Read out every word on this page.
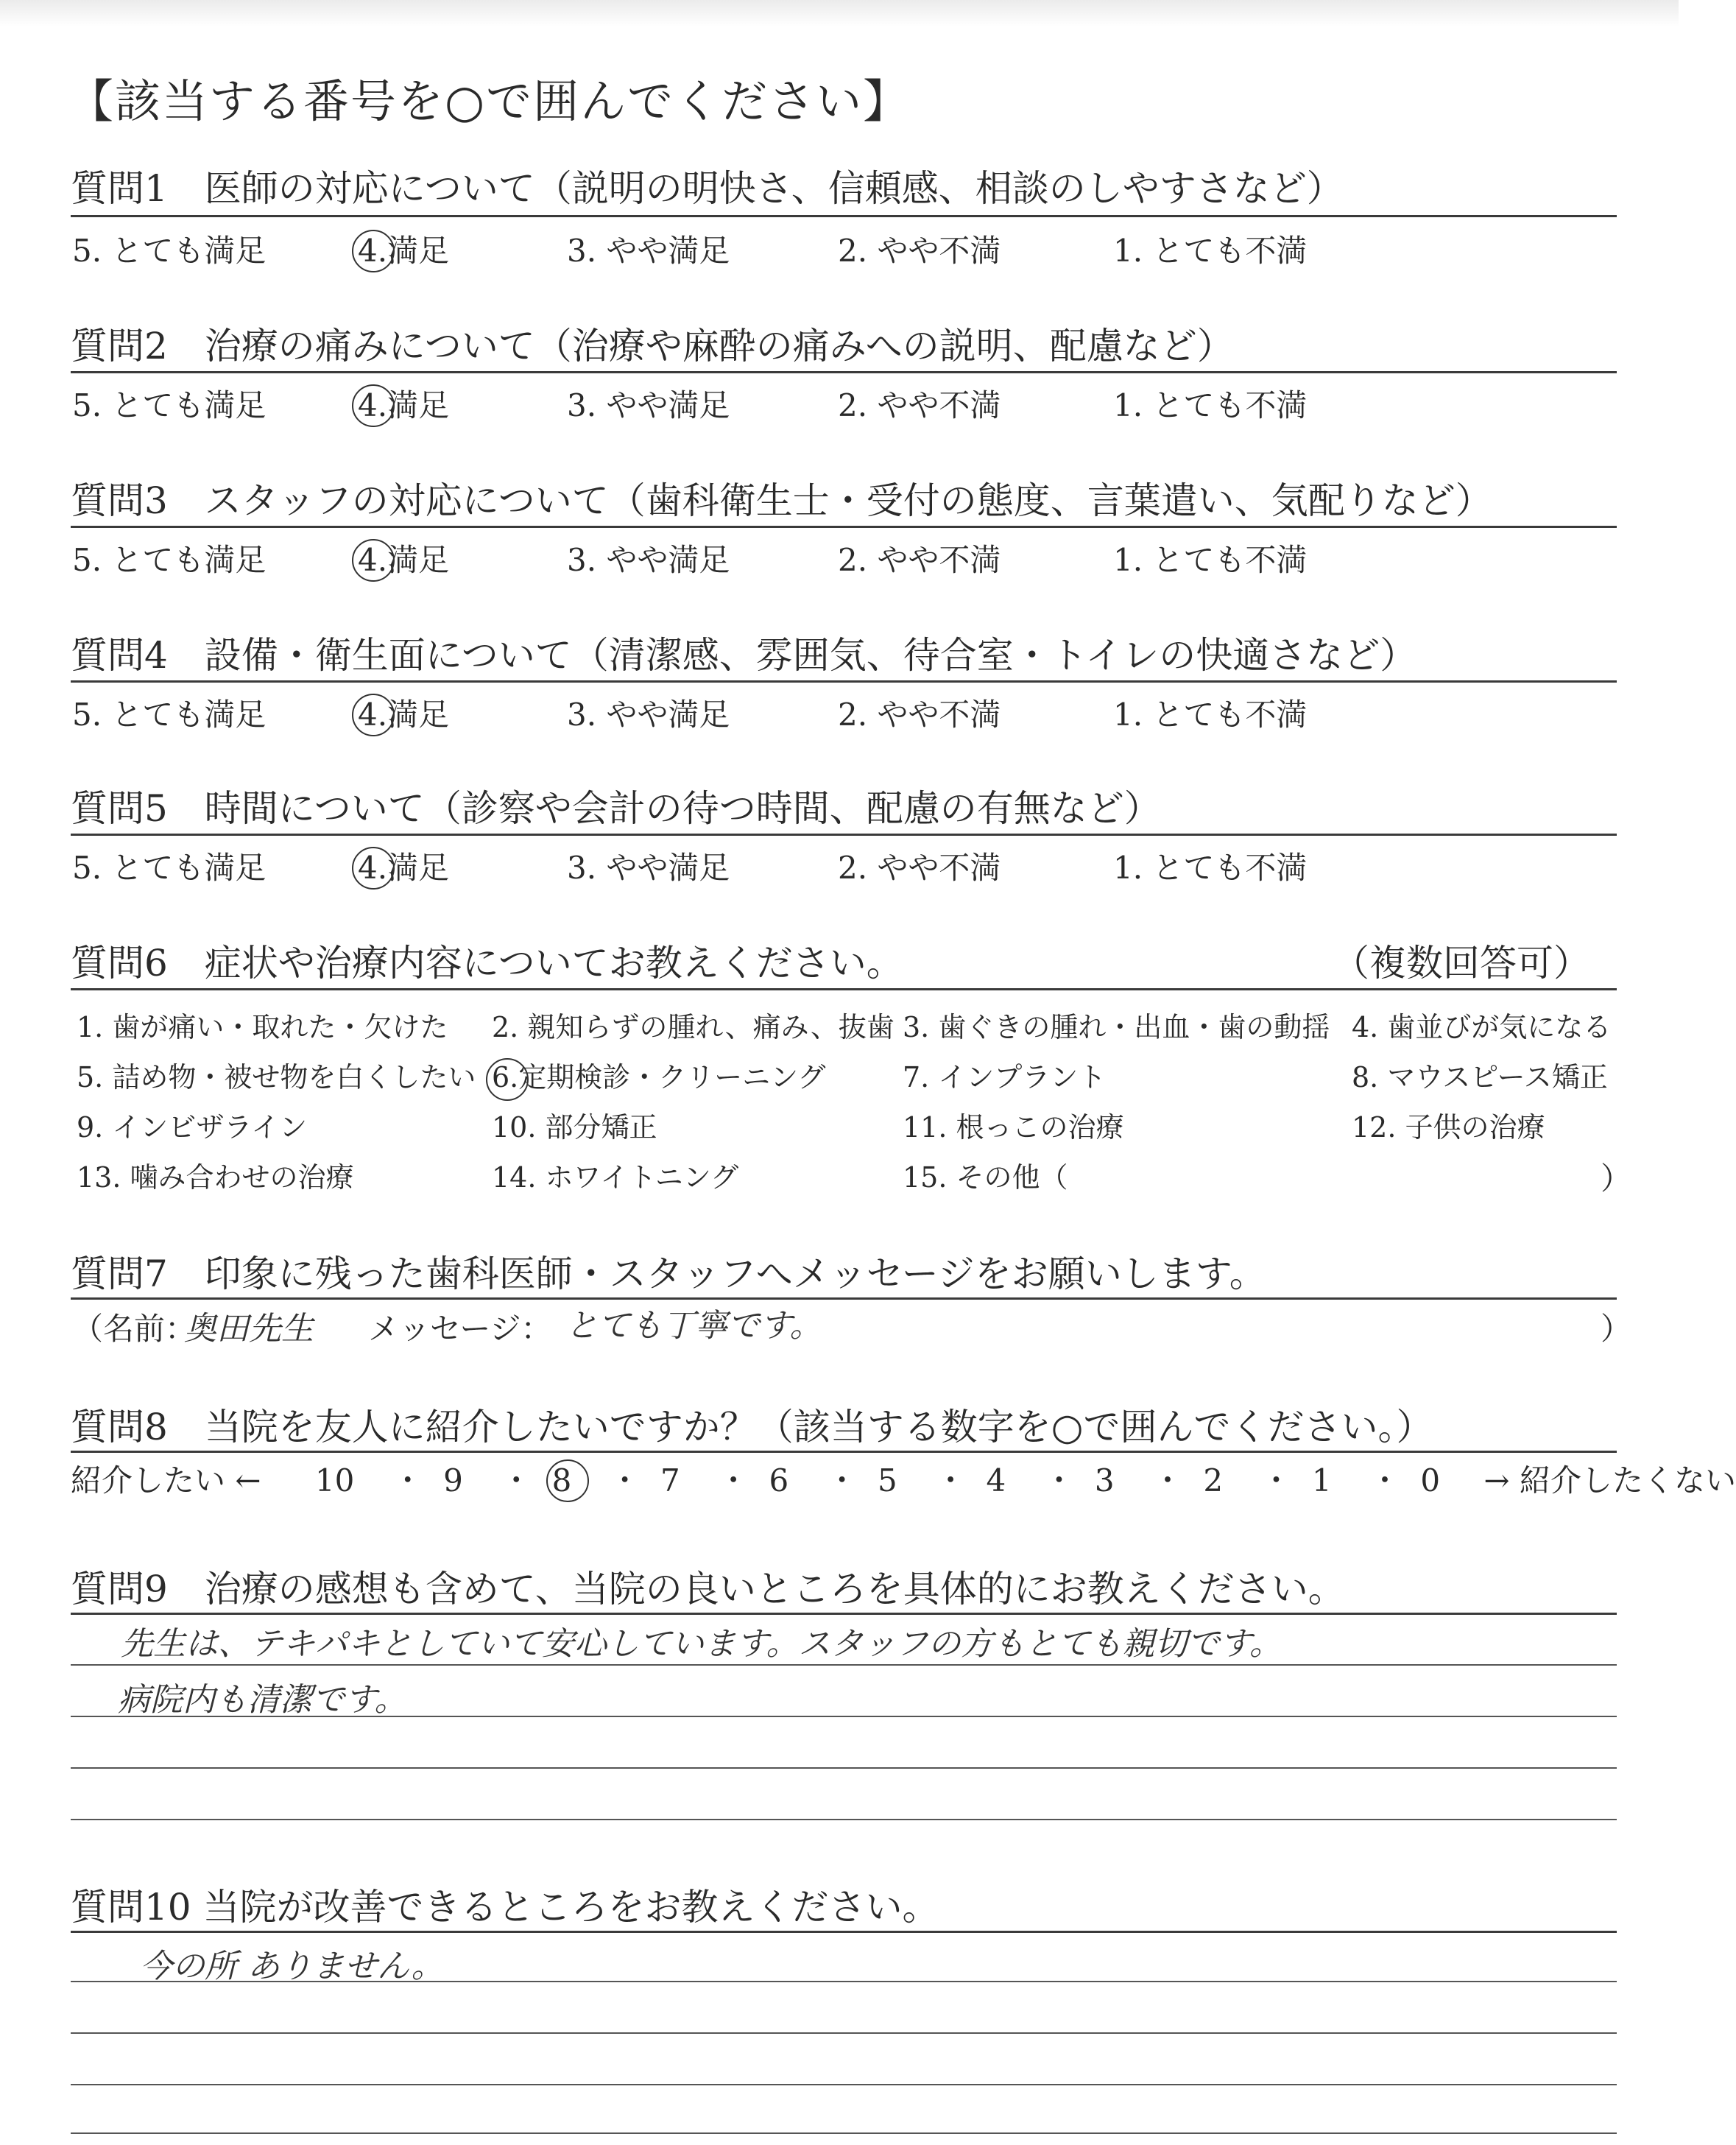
【該当する番号を○で囲んでください】
質問1　医師の対応について（説明の明快さ、信頼感、相談のしやすさなど）
5. とても満足	4.満足	3. やや満足	2. やや不満	1. とても不満
質問2　治療の痛みについて（治療や麻酔の痛みへの説明、配慮など）
5. とても満足	4.満足	3. やや満足	2. やや不満	1. とても不満
質問3　スタッフの対応について（歯科衛生士・受付の態度、言葉遣い、気配りなど）
5. とても満足	4.満足	3. やや満足	2. やや不満	1. とても不満
質問4　設備・衛生面について（清潔感、雰囲気、待合室・トイレの快適さなど）
5. とても満足	4.満足	3. やや満足	2. やや不満	1. とても不満
質問5　時間について（診察や会計の待つ時間、配慮の有無など）
5. とても満足	4.満足	3. やや満足	2. やや不満	1. とても不満
質問6　症状や治療内容についてお教えください。	（複数回答可）
1. 歯が痛い・取れた・欠けた 2. 親知らずの腫れ、痛み、抜歯 3. 歯ぐきの腫れ・出血・歯の動揺 4. 歯並びが気になる
5. 詰め物・被せ物を白くしたい 6.定期検診・クリーニング	7. インプラント	8. マウスピース矯正
9. インビザライン	10. 部分矯正	11. 根っこの治療	12. 子供の治療
13. 噛み合わせの治療	14. ホワイトニング	15. その他（	）
質問7　印象に残った歯科医師・スタッフへメッセージをお願いします。
（名前：
奥田先生 メッセージ： とても丁寧です。	）
質問8　当院を友人に紹介したいですか？（該当する数字を○で囲んでください。）
紹介したい ← 10 ・ 9 ・ 8 ・ 7 ・ 6 ・ 5 ・ 4 ・ 3 ・ 2 ・ 1 ・ 0 → 紹介したくない
質問9　治療の感想も含めて、当院の良いところを具体的にお教えください。
先生は、テキパキとしていて安心しています。スタッフの方もとても親切です。
病院内も清潔です。
質問10 当院が改善できるところをお教えください。
今の所 ありません。
